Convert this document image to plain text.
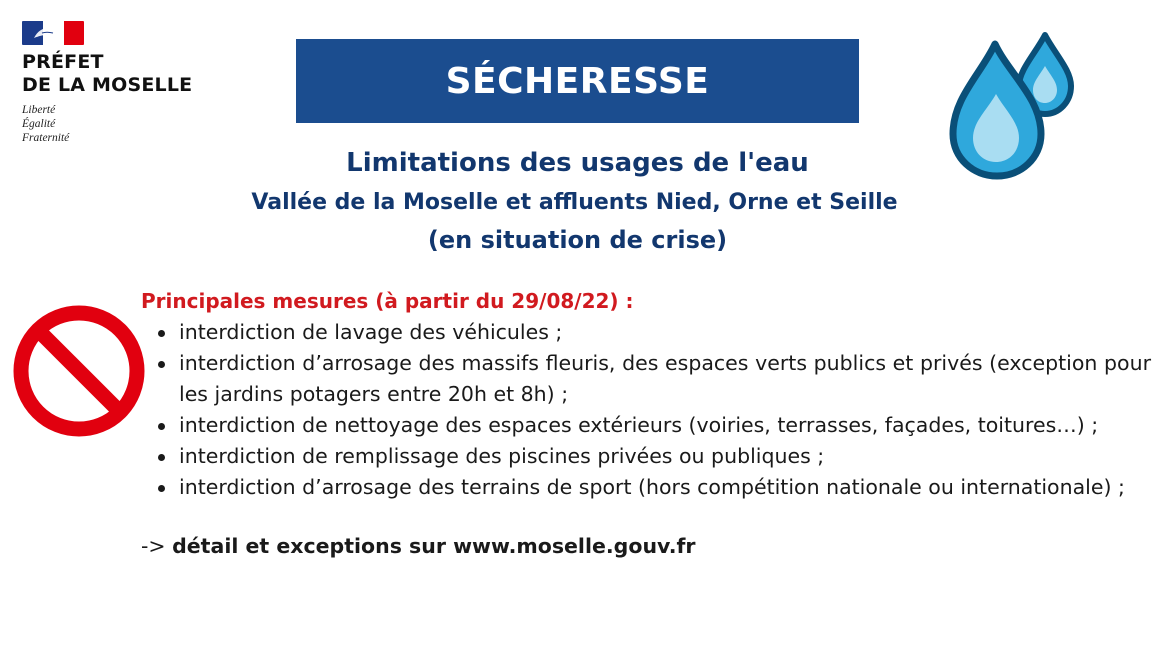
PRÉFET
DE LA MOSELLE
Liberté
Égalité
Fraternité
SÉCHERESSE
Limitations des usages de l'eau
Vallée de la Moselle et affluents Nied, Orne et Seille
(en situation de crise)
Principales mesures (à partir du 29/08/22) :
interdiction de lavage des véhicules ;
interdiction d’arrosage des massifs fleuris, des espaces verts publics et privés (exception pour les jardins potagers entre 20h et 8h) ;
interdiction de nettoyage des espaces extérieurs (voiries, terrasses, façades, toitures…) ;
interdiction de remplissage des piscines privées ou publiques ;
interdiction d’arrosage des terrains de sport (hors compétition nationale ou internationale) ;
-> détail et exceptions sur www.moselle.gouv.fr
